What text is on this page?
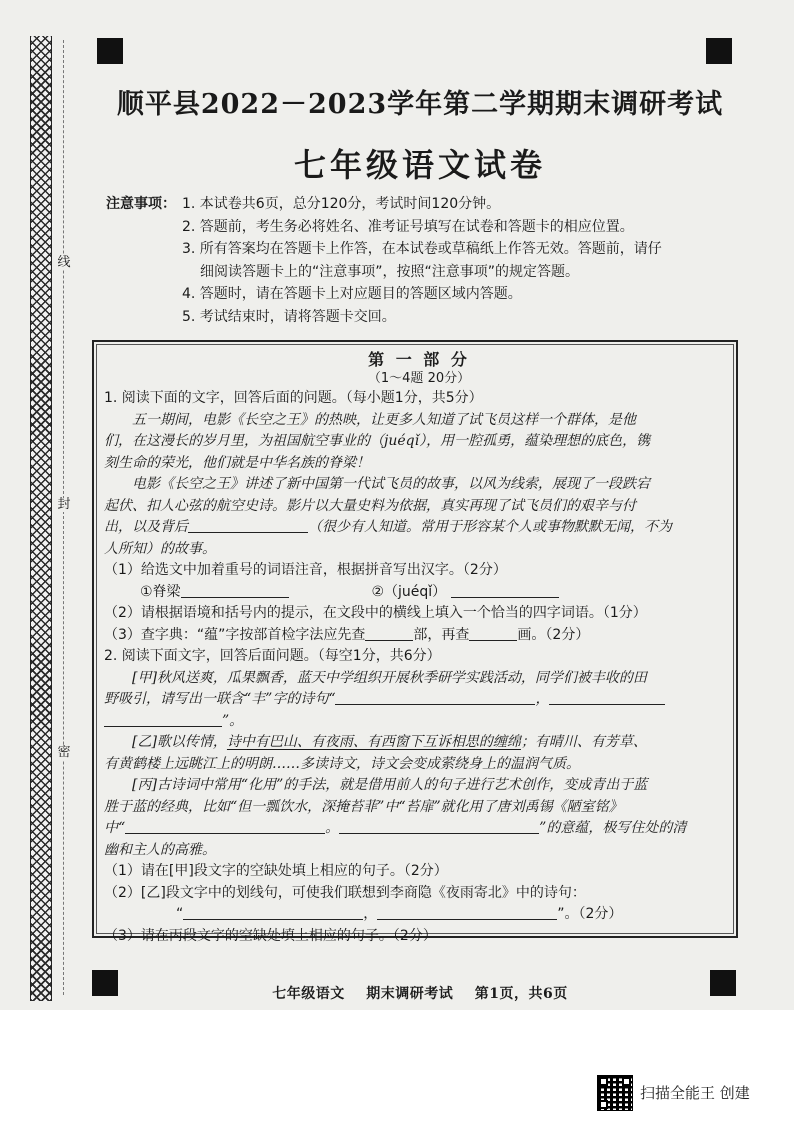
线
封
密
顺平县2022－2023学年第二学期期末调研考试
七年级语文试卷
注意事项： 1. 本试卷共6页，总分120分，考试时间120分钟。
2. 答题前，考生务必将姓名、准考证号填写在试卷和答题卡的相应位置。
3. 所有答案均在答题卡上作答，在本试卷或草稿纸上作答无效。答题前，请仔
细阅读答题卡上的“注意事项”，按照“注意事项”的规定答题。
4. 答题时，请在答题卡上对应题目的答题区域内答题。
5. 考试结束时，请将答题卡交回。
第 一 部 分
（1～4题 20分）
1. 阅读下面的文字，回答后面的问题。（每小题1分，共5分）
五一期间，电影《长空之王》的热映，让更多人知道了试飞员这样一个群体，是他
们，在这漫长的岁月里，为祖国航空事业的（juéqǐ），用一腔孤勇，蕴染理想的底色，镌
刻生命的荣光，他们就是中华名族的脊梁！
电影《长空之王》讲述了新中国第一代试飞员的故事，以风为线索，展现了一段跌宕
起伏、扣人心弦的航空史诗。影片以大量史料为依据，真实再现了试飞员们的艰辛与付
出，以及背后	（很少有人知道。常用于形容某个人或事物默默无闻，不为
人所知）的故事。
（1）给选文中加着重号的词语注音，根据拼音写出汉字。（2分）
①脊梁	②（juéqǐ）
（2）请根据语境和括号内的提示，在文段中的横线上填入一个恰当的四字词语。（1分）
（3）查字典：“蕴”字按部首检字法应先查	部，再查	画。（2分）
2. 阅读下面文字，回答后面问题。（每空1分，共6分）
[甲]秋风送爽，瓜果飘香，蓝天中学组织开展秋季研学实践活动，同学们被丰收的田
野吸引，请写出一联含“丰”字的诗句“	，
”。
[乙]歌以传情，诗中有巴山、有夜雨、有西窗下互诉相思的缠绵；有晴川、有芳草、
有黄鹤楼上远眺江上的明朗……多读诗文，诗文会变成萦绕身上的温润气质。
[丙]古诗词中常用“化用”的手法，就是借用前人的句子进行艺术创作，变成青出于蓝
胜于蓝的经典，比如“但一瓢饮水，深掩苔菲”中“苔扉”就化用了唐刘禹锡《陋室铭》
中“	。	”的意蕴，极写住处的清
幽和主人的高雅。
（1）请在[甲]段文字的空缺处填上相应的句子。（2分）
（2）[乙]段文字中的划线句，可使我们联想到李商隐《夜雨寄北》中的诗句：
“	，	”。（2分）
（3）请在丙段文字的空缺处填上相应的句子。（2分）
七年级语文    期末调研考试    第1页，共6页
扫描全能王 创建
